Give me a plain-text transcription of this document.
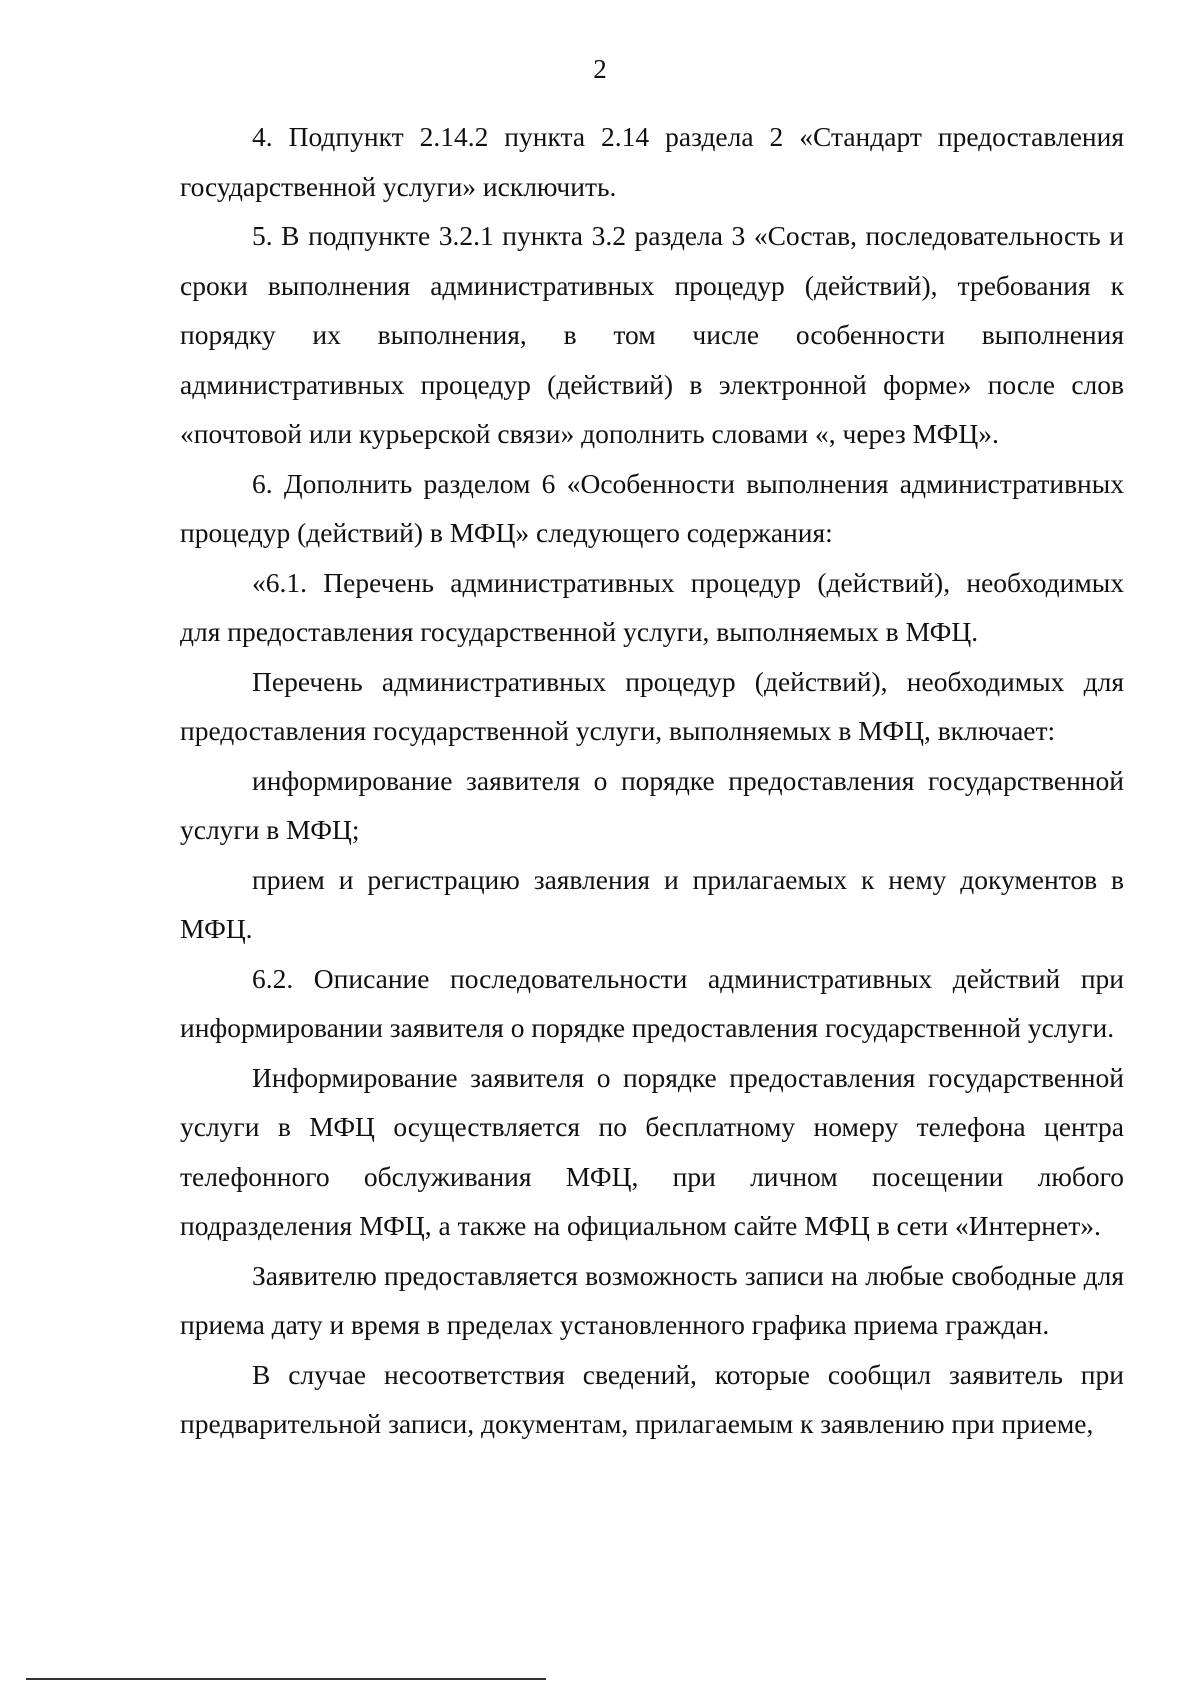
2

4. Подпункт 2.14.2 пункта 2.14 раздела 2 «Стандарт предоставления государственной услуги» исключить.

5. В подпункте 3.2.1 пункта 3.2 раздела 3 «Состав, последовательность и сроки выполнения административных процедур (действий), требования к порядку их выполнения, в том числе особенности выполнения административных процедур (действий) в электронной форме» после слов «почтовой или курьерской связи» дополнить словами «, через МФЦ».

6. Дополнить разделом 6 «Особенности выполнения административных процедур (действий) в МФЦ» следующего содержания:

«6.1. Перечень административных процедур (действий), необходимых для предоставления государственной услуги, выполняемых в МФЦ.

Перечень административных процедур (действий), необходимых для предоставления государственной услуги, выполняемых в МФЦ, включает:

информирование заявителя о порядке предоставления государственной услуги в МФЦ;

прием и регистрацию заявления и прилагаемых к нему документов в МФЦ.

6.2. Описание последовательности административных действий при информировании заявителя о порядке предоставления государственной услуги.

Информирование заявителя о порядке предоставления государственной услуги в МФЦ осуществляется по бесплатному номеру телефона центра телефонного обслуживания МФЦ, при личном посещении любого подразделения МФЦ, а также на официальном сайте МФЦ в сети «Интернет».

Заявителю предоставляется возможность записи на любые свободные для приема дату и время в пределах установленного графика приема граждан.

В случае несоответствия сведений, которые сообщил заявитель при предварительной записи, документам, прилагаемым к заявлению при приеме,
